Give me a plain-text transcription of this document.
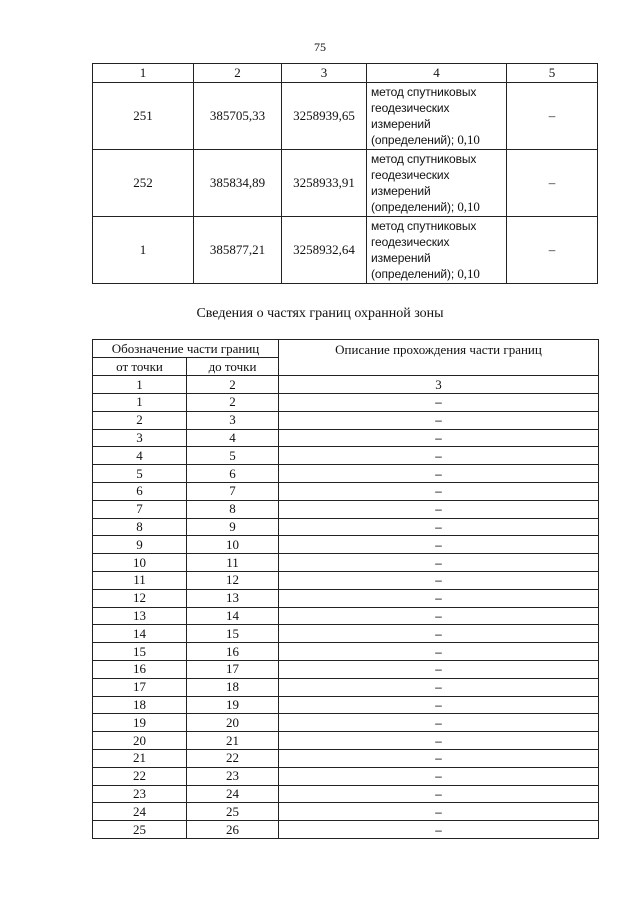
75
1	2	3	4	5
251	385705,33	3258939,65	метод спутниковых геодезических измерений (определений); 0,10	–
252	385834,89	3258933,91	метод спутниковых геодезических измерений (определений); 0,10	–
1	385877,21	3258932,64	метод спутниковых геодезических измерений (определений); 0,10	–
Сведения о частях границ охранной зоны
Обозначение части границ		Описание прохождения части границ
от точки	до точки	
1	2	3
1	2	–
2	3	–
3	4	–
4	5	–
5	6	–
6	7	–
7	8	–
8	9	–
9	10	–
10	11	–
11	12	–
12	13	–
13	14	–
14	15	–
15	16	–
16	17	–
17	18	–
18	19	–
19	20	–
20	21	–
21	22	–
22	23	–
23	24	–
24	25	–
25	26	–
